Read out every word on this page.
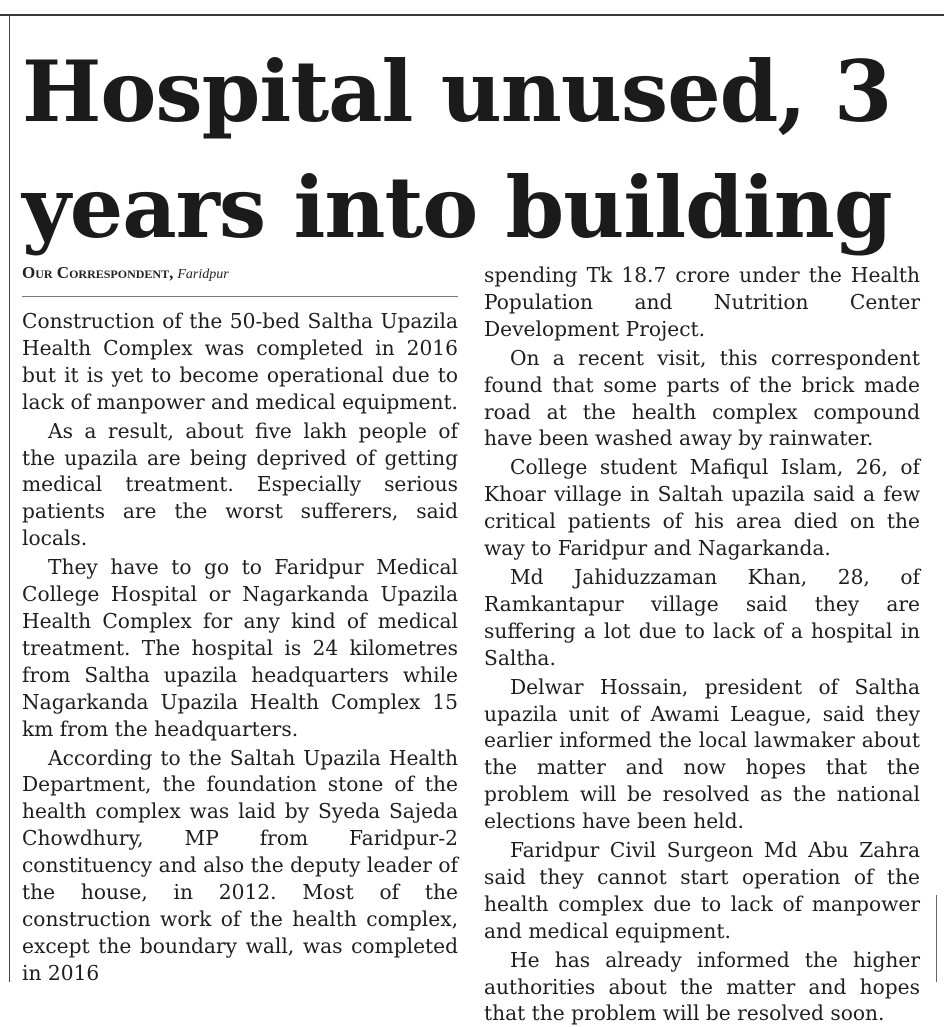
Hospital unused, 3
years into building
Our Correspondent, Faridpur

Construction of the 50-bed Saltha Upazila Health Complex was completed in 2016 but it is yet to become operational due to lack of manpower and medical equipment.

As a result, about five lakh people of the upazila are being deprived of getting medical treatment. Especially serious patients are the worst sufferers, said locals.

They have to go to Faridpur Medical College Hospital or Nagarkanda Upazila Health Complex for any kind of medical treatment. The hospital is 24 kilometres from Saltha upazila headquarters while Nagarkanda Upazila Health Complex 15 km from the headquarters.

According to the Saltah Upazila Health Department, the foundation stone of the health complex was laid by Syeda Sajeda Chowdhury, MP from Faridpur-2 constituency and also the deputy leader of the house, in 2012. Most of the construction work of the health complex, except the boundary wall, was completed in 2016

spending Tk 18.7 crore under the Health Population and Nutrition Center Development Project.

On a recent visit, this correspondent found that some parts of the brick made road at the health complex compound have been washed away by rainwater.

College student Mafiqul Islam, 26, of Khoar village in Saltah upazila said a few critical patients of his area died on the way to Faridpur and Nagarkanda.

Md Jahiduzzaman Khan, 28, of Ramkantapur village said they are suffering a lot due to lack of a hospital in Saltha.

Delwar Hossain, president of Saltha upazila unit of Awami League, said they earlier informed the local lawmaker about the matter and now hopes that the problem will be resolved as the national elections have been held.

Faridpur Civil Surgeon Md Abu Zahra said they cannot start operation of the health complex due to lack of manpower and medical equipment.

He has already informed the higher authorities about the matter and hopes that the problem will be resolved soon.
